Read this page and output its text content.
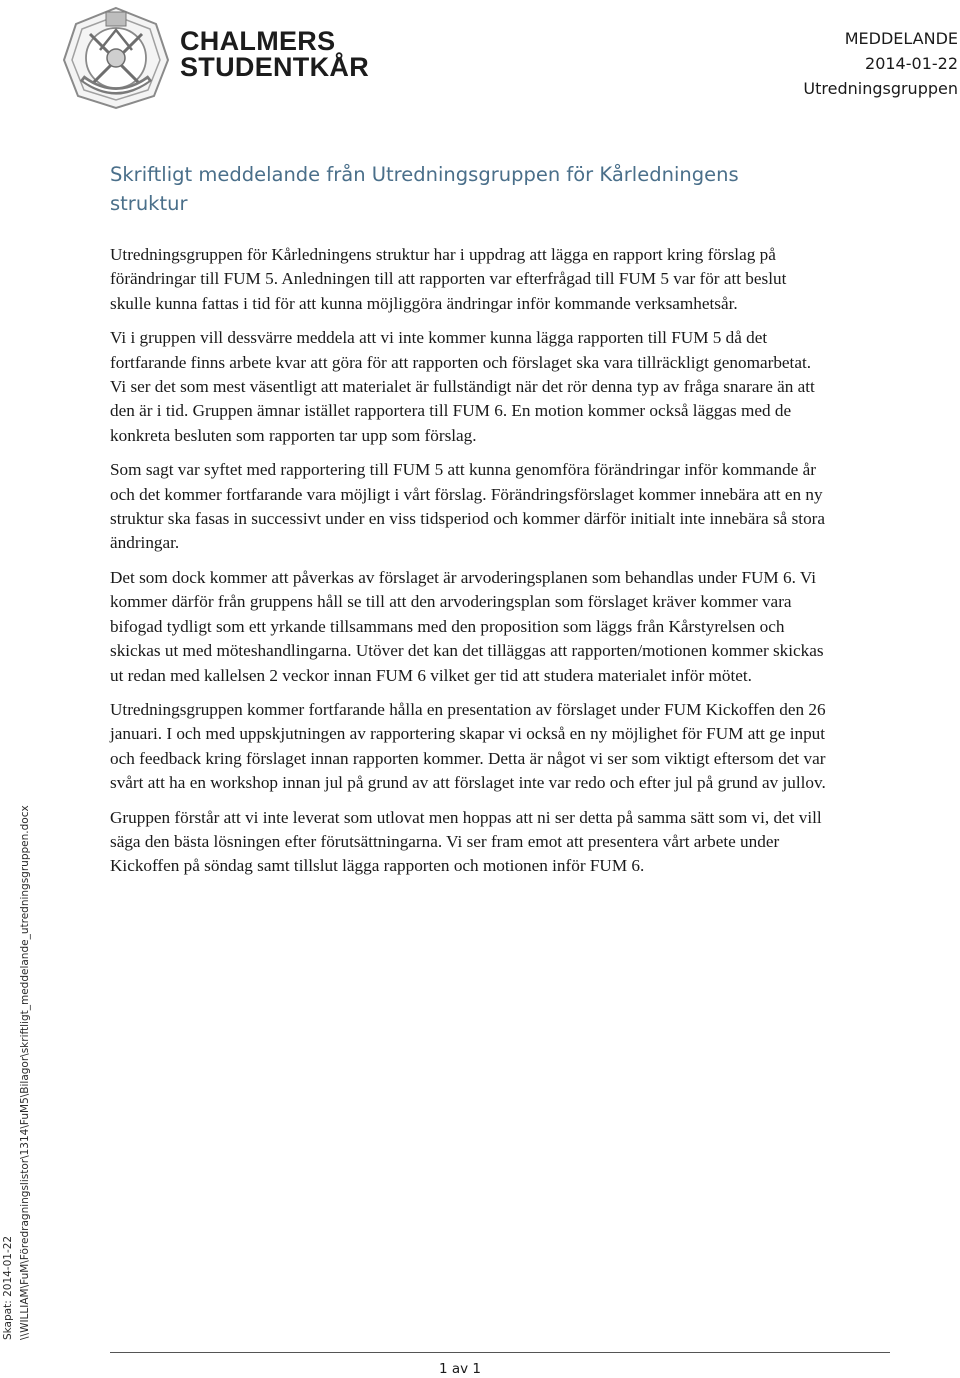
CHALMERS
STUDENTKÅR
MEDDELANDE
2014-01-22
Utredningsgruppen
Skriftligt meddelande från Utredningsgruppen för Kårledningens struktur

Utredningsgruppen för Kårledningens struktur har i uppdrag att lägga en rapport kring förslag på förändringar till FUM 5. Anledningen till att rapporten var efterfrågad till FUM 5 var för att beslut skulle kunna fattas i tid för att kunna möjliggöra ändringar inför kommande verksamhetsår.

Vi i gruppen vill dessvärre meddela att vi inte kommer kunna lägga rapporten till FUM 5 då det fortfarande finns arbete kvar att göra för att rapporten och förslaget ska vara tillräckligt genomarbetat. Vi ser det som mest väsentligt att materialet är fullständigt när det rör denna typ av fråga snarare än att den är i tid. Gruppen ämnar istället rapportera till FUM 6. En motion kommer också läggas med de konkreta besluten som rapporten tar upp som förslag.

Som sagt var syftet med rapportering till FUM 5 att kunna genomföra förändringar inför kommande år och det kommer fortfarande vara möjligt i vårt förslag. Förändringsförslaget kommer innebära att en ny struktur ska fasas in successivt under en viss tidsperiod och kommer därför initialt inte innebära så stora ändringar.

Det som dock kommer att påverkas av förslaget är arvoderingsplanen som behandlas under FUM 6. Vi kommer därför från gruppens håll se till att den arvoderingsplan som förslaget kräver kommer vara bifogad tydligt som ett yrkande tillsammans med den proposition som läggs från Kårstyrelsen och skickas ut med möteshandlingarna. Utöver det kan det tilläggas att rapporten/motionen kommer skickas ut redan med kallelsen 2 veckor innan FUM 6 vilket ger tid att studera materialet inför mötet.

Utredningsgruppen kommer fortfarande hålla en presentation av förslaget under FUM Kickoffen den 26 januari. I och med uppskjutningen av rapportering skapar vi också en ny möjlighet för FUM att ge input och feedback kring förslaget innan rapporten kommer. Detta är något vi ser som viktigt eftersom det var svårt att ha en workshop innan jul på grund av att förslaget inte var redo och efter jul på grund av jullov.

Gruppen förstår att vi inte leverat som utlovat men hoppas att ni ser detta på samma sätt som vi, det vill säga den bästa lösningen efter förutsättningarna. Vi ser fram emot att presentera vårt arbete under Kickoffen på söndag samt tillslut lägga rapporten och motionen inför FUM 6.

Skapat: 2014-01-22 \\WILLIAM\FuM\Föredragningslistor\1314\FuM5\Bilagor\skriftligt_meddelande_utredningsgruppen.docx
1 av 1
